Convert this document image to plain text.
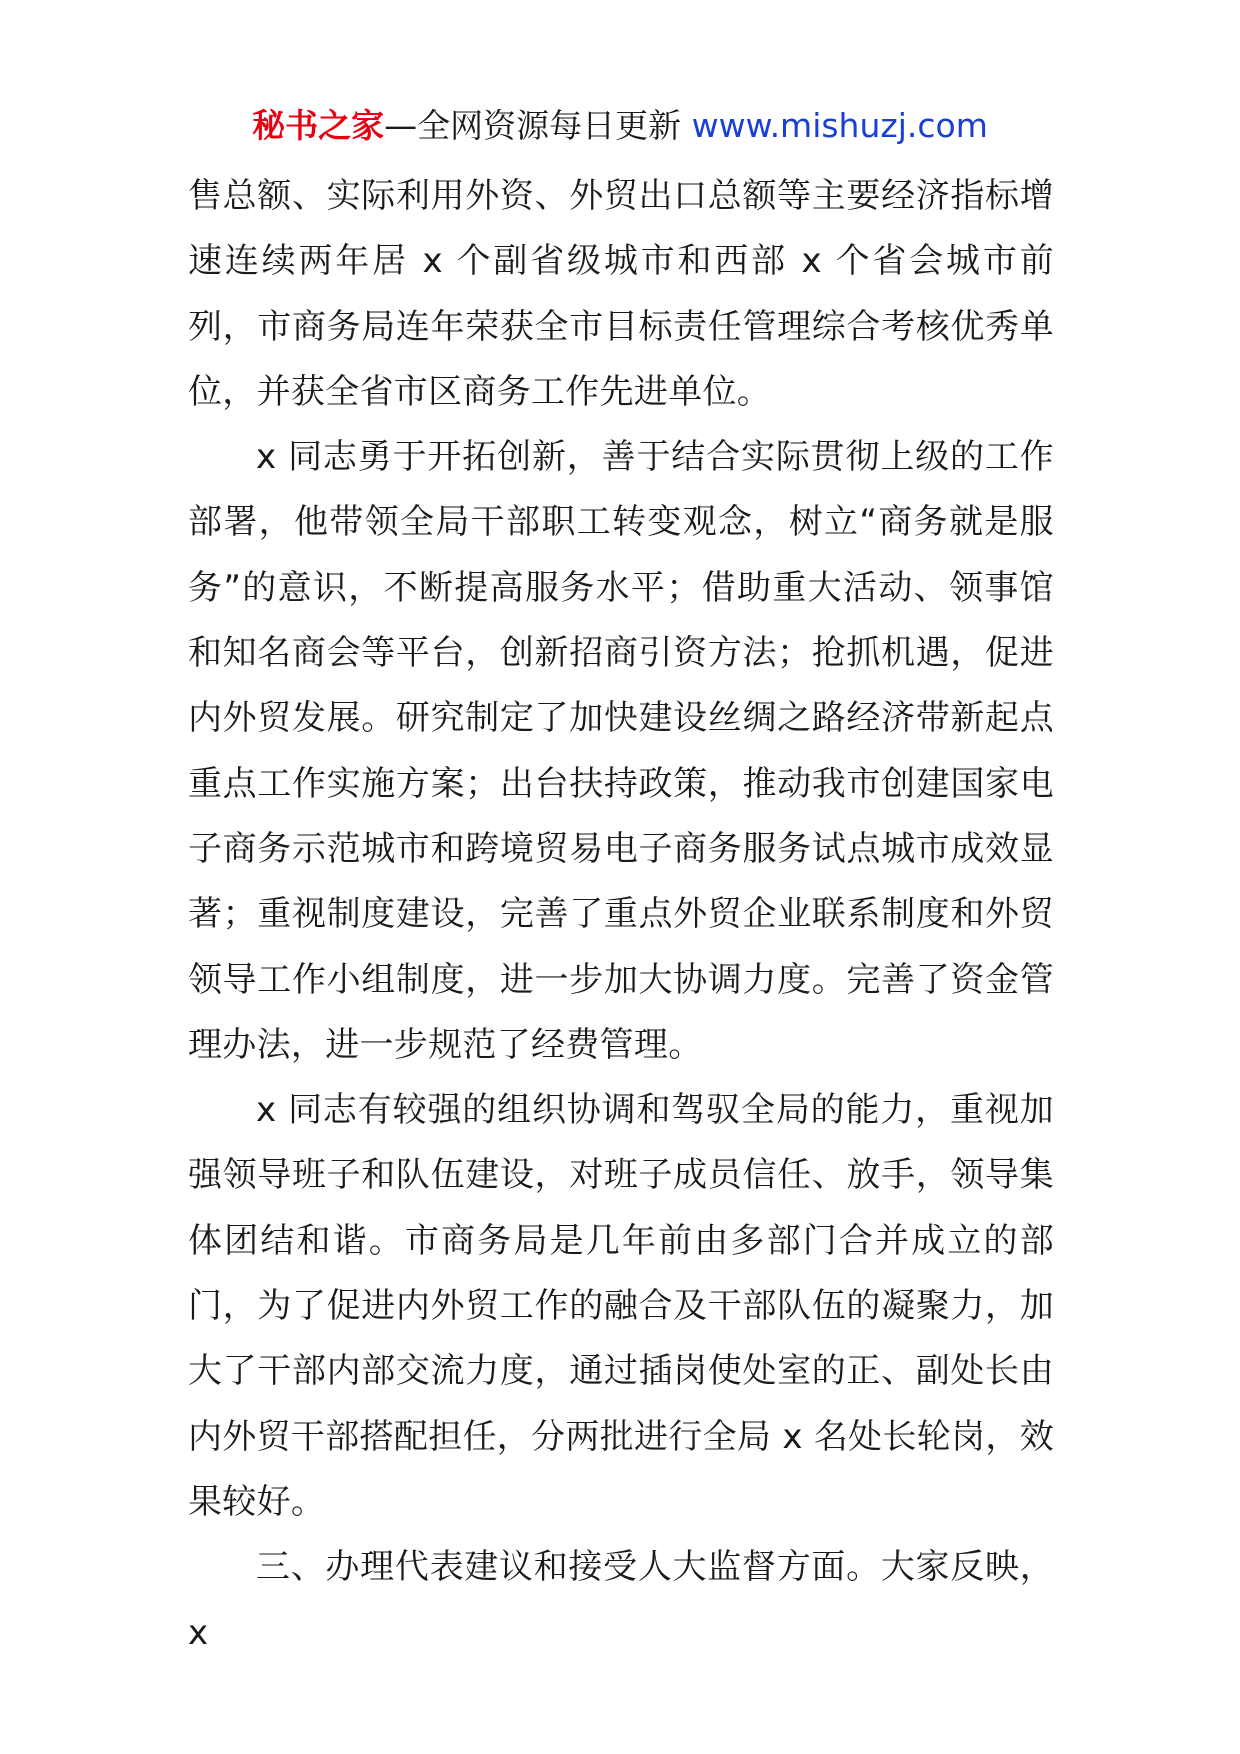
秘书之家—全网资源每日更新 www.mishuzj.com

售总额、实际利用外资、外贸出口总额等主要经济指标增速连续两年居 x 个副省级城市和西部 x 个省会城市前列，市商务局连年荣获全市目标责任管理综合考核优秀单位，并获全省市区商务工作先进单位。

x 同志勇于开拓创新，善于结合实际贯彻上级的工作部署，他带领全局干部职工转变观念，树立“商务就是服务”的意识，不断提高服务水平；借助重大活动、领事馆和知名商会等平台，创新招商引资方法；抢抓机遇，促进内外贸发展。研究制定了加快建设丝绸之路经济带新起点重点工作实施方案；出台扶持政策，推动我市创建国家电子商务示范城市和跨境贸易电子商务服务试点城市成效显著；重视制度建设，完善了重点外贸企业联系制度和外贸领导工作小组制度，进一步加大协调力度。完善了资金管理办法，进一步规范了经费管理。

x 同志有较强的组织协调和驾驭全局的能力，重视加强领导班子和队伍建设，对班子成员信任、放手，领导集体团结和谐。市商务局是几年前由多部门合并成立的部门，为了促进内外贸工作的融合及干部队伍的凝聚力，加大了干部内部交流力度，通过插岗使处室的正、副处长由内外贸干部搭配担任，分两批进行全局 x 名处长轮岗，效果较好。

三、办理代表建议和接受人大监督方面。大家反映，x
